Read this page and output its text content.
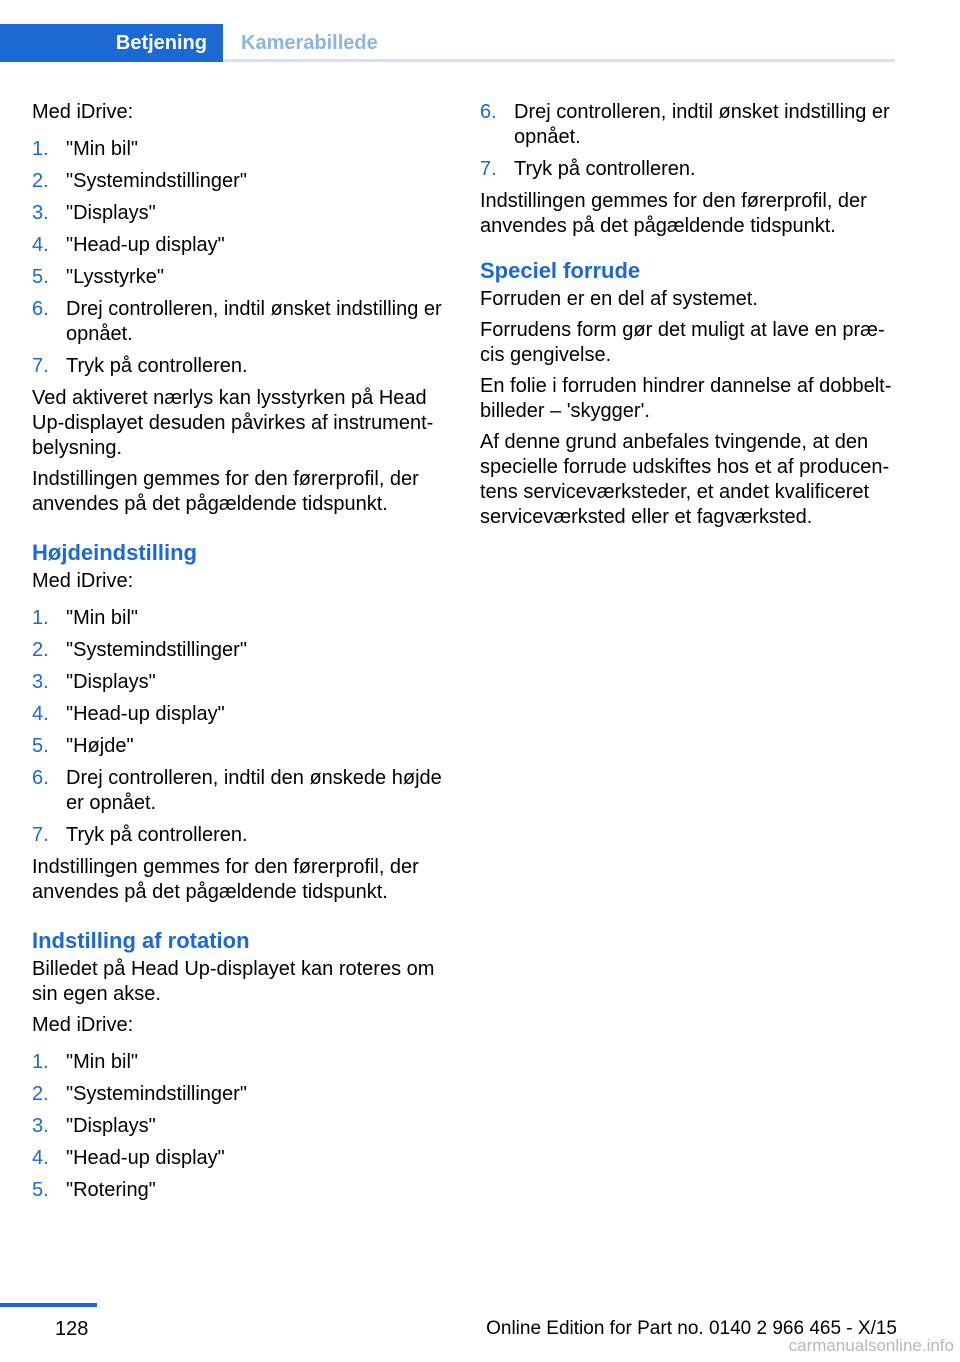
Betjening Kamerabillede

Med iDrive:

1. "Min bil"
2. "Systemindstillinger"
3. "Displays"
4. "Head-up display"
5. "Lysstyrke"
6. Drej controlleren, indtil ønsket indstilling er opnået.
7. Tryk på controlleren.

Ved aktiveret nærlys kan lysstyrken på Head Up-displayet desuden påvirkes af instrumentbelysning.

Indstillingen gemmes for den førerprofil, der anvendes på det pågældende tidspunkt.

Højdeindstilling

Med iDrive:

1. "Min bil"
2. "Systemindstillinger"
3. "Displays"
4. "Head-up display"
5. "Højde"
6. Drej controlleren, indtil den ønskede højde er opnået.
7. Tryk på controlleren.

Indstillingen gemmes for den førerprofil, der anvendes på det pågældende tidspunkt.

Indstilling af rotation

Billedet på Head Up-displayet kan roteres om sin egen akse.

Med iDrive:

1. "Min bil"
2. "Systemindstillinger"
3. "Displays"
4. "Head-up display"
5. "Rotering"
6. Drej controlleren, indtil ønsket indstilling er opnået.
7. Tryk på controlleren.

Indstillingen gemmes for den førerprofil, der anvendes på det pågældende tidspunkt.

Speciel forrude

Forruden er en del af systemet.

Forrudens form gør det muligt at lave en præcis gengivelse.

En folie i forruden hindrer dannelse af dobbeltbilleder – 'skygger'.

Af denne grund anbefales tvingende, at den specielle forrude udskiftes hos et af producentens serviceværksteder, et andet kvalificeret serviceværksted eller et fagværksted.

128	Online Edition for Part no. 0140 2 966 465 - X/15
carmanualsonline.info
